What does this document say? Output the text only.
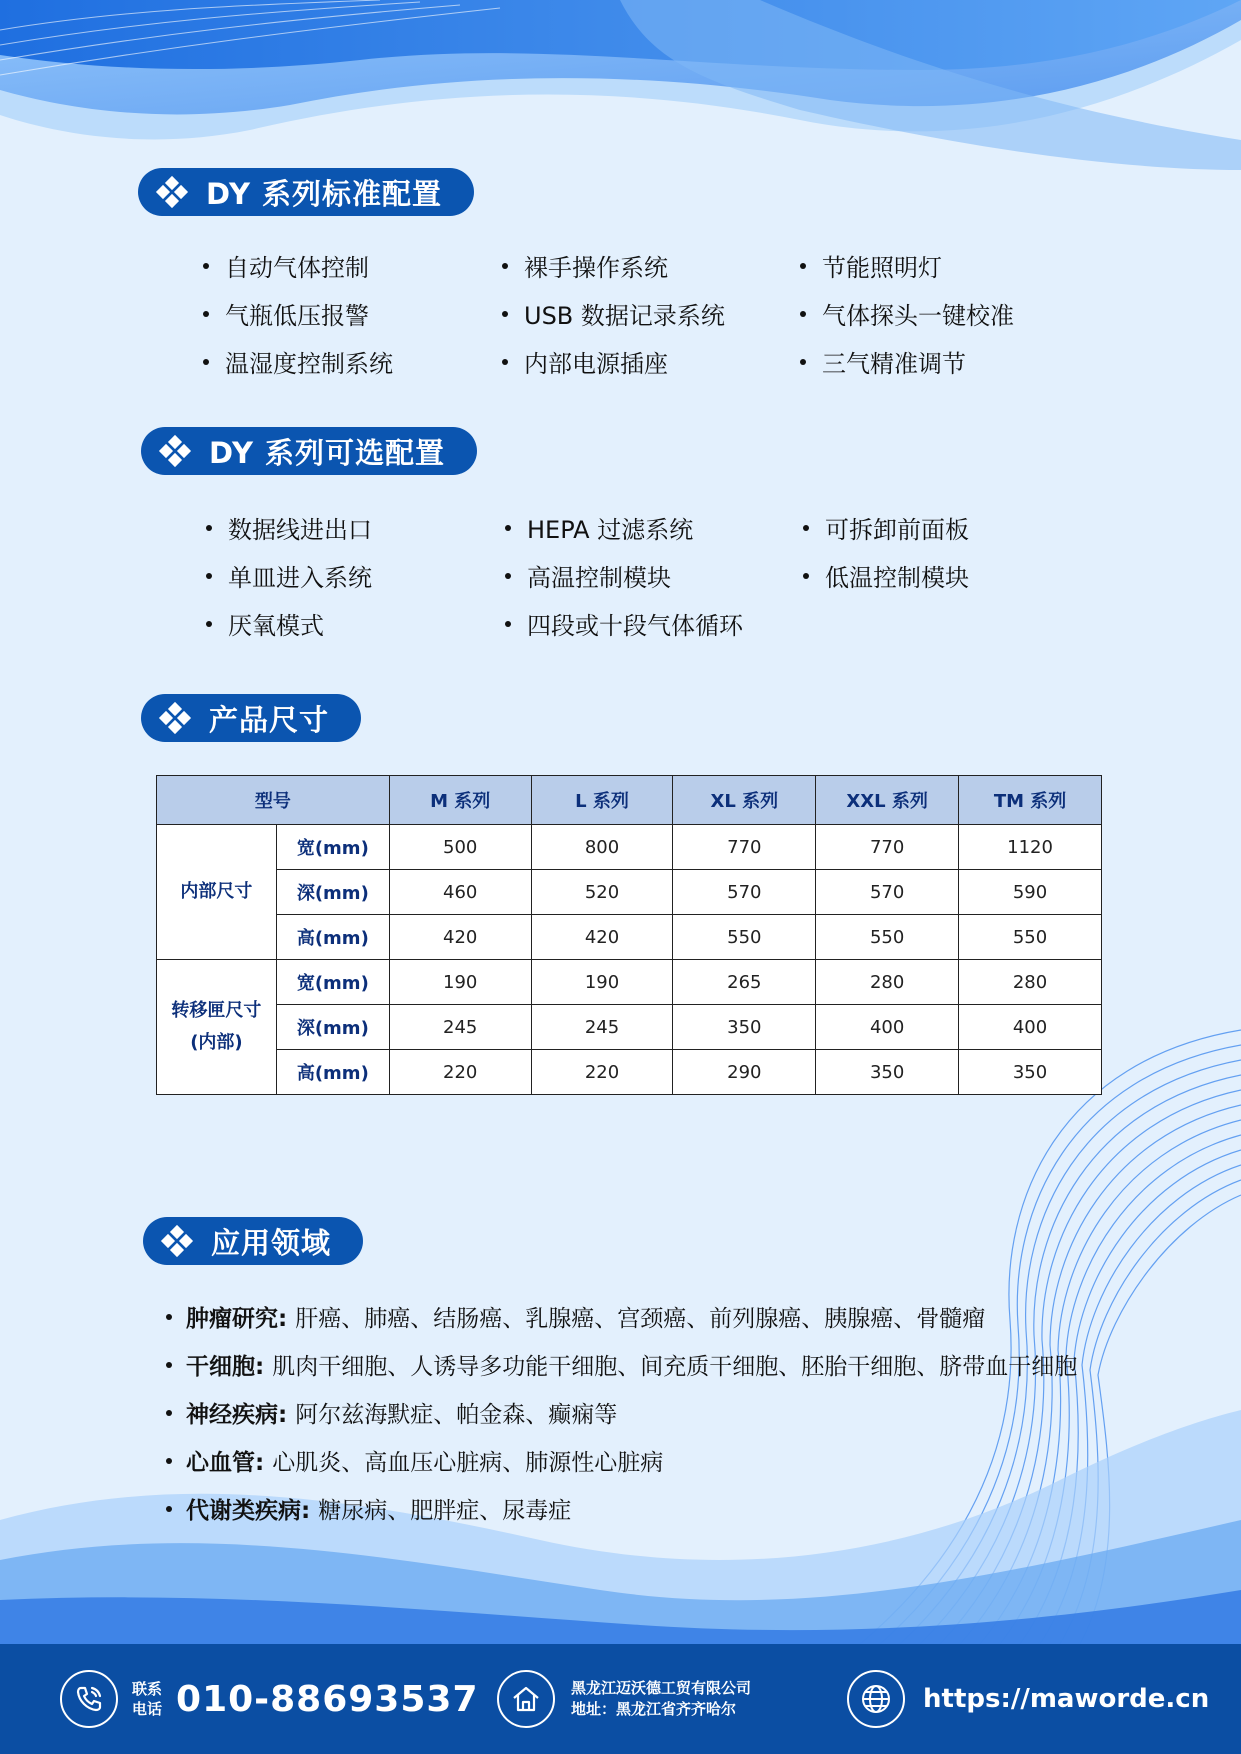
DY 系列标准配置
自动气体控制	裸手操作系统	节能照明灯
气瓶低压报警	USB 数据记录系统	气体探头一键校准
温湿度控制系统	内部电源插座	三气精准调节
DY 系列可选配置
数据线进出口	HEPA 过滤系统	可拆卸前面板
单皿进入系统	高温控制模块	低温控制模块
厌氧模式	四段或十段气体循环
产品尺寸
型号		M 系列	L 系列	XL 系列	XXL 系列	TM 系列
内部尺寸	宽(mm)	500	800	770	770	1120
	深(mm)	460	520	570	570	590
	高(mm)	420	420	550	550	550

转移匣尺寸
(内部)	宽(mm)	190	190	265	280	280
	深(mm)	245	245	350	400	400
	高(mm)	220	220	290	350	350
应用领域
肿瘤研究: 肝癌、肺癌、结肠癌、乳腺癌、宫颈癌、前列腺癌、胰腺癌、骨髓瘤
干细胞: 肌肉干细胞、人诱导多功能干细胞、间充质干细胞、胚胎干细胞、脐带血干细胞
神经疾病: 阿尔兹海默症、帕金森、癫痫等
心血管: 心肌炎、高血压心脏病、肺源性心脏病
代谢类疾病: 糖尿病、肥胖症、尿毒症
联系
电话 010-88693537	黑龙江迈沃德工贸有限公司
地址：黑龙江省齐齐哈尔	https://maworde.cn
